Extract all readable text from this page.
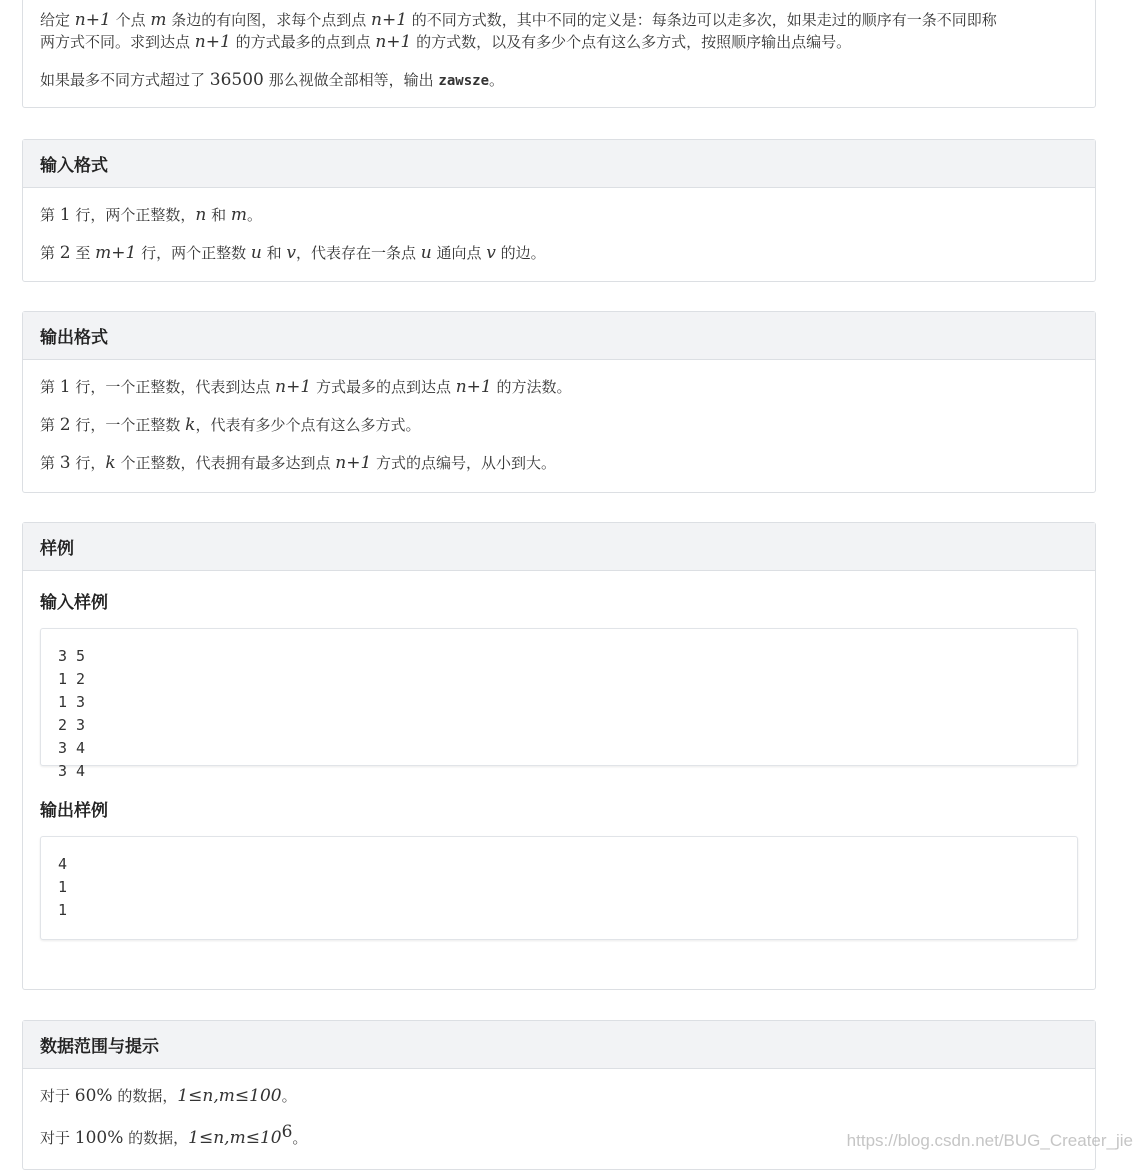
给定 n+1 个点 m 条边的有向图，求每个点到点 n+1 的不同方式数，其中不同的定义是：每条边可以走多次，如果走过的顺序有一条不同即称

两方式不同。求到达点 n+1 的方式最多的点到点 n+1 的方式数，以及有多少个点有这么多方式，按照顺序输出点编号。

如果最多不同方式超过了 36500 那么视做全部相等，输出 zawsze。

输入格式

第 1 行，两个正整数，n 和 m。

第 2 至 m+1 行，两个正整数 u 和 v，代表存在一条点 u 通向点 v 的边。

输出格式

第 1 行，一个正整数，代表到达点 n+1 方式最多的点到达点 n+1 的方法数。

第 2 行，一个正整数 k，代表有多少个点有这么多方式。

第 3 行，k 个正整数，代表拥有最多达到点 n+1 方式的点编号，从小到大。

样例

输入样例

3 5
1 2
1 3
2 3
3 4
3 4

输出样例

4
1
1
数据范围与提示

对于 60% 的数据，1≤n,m≤100。

对于 100% 的数据，$1\le n,m\le 10^6$。	https://blog.csdn.net/BUG_Creater_jie
